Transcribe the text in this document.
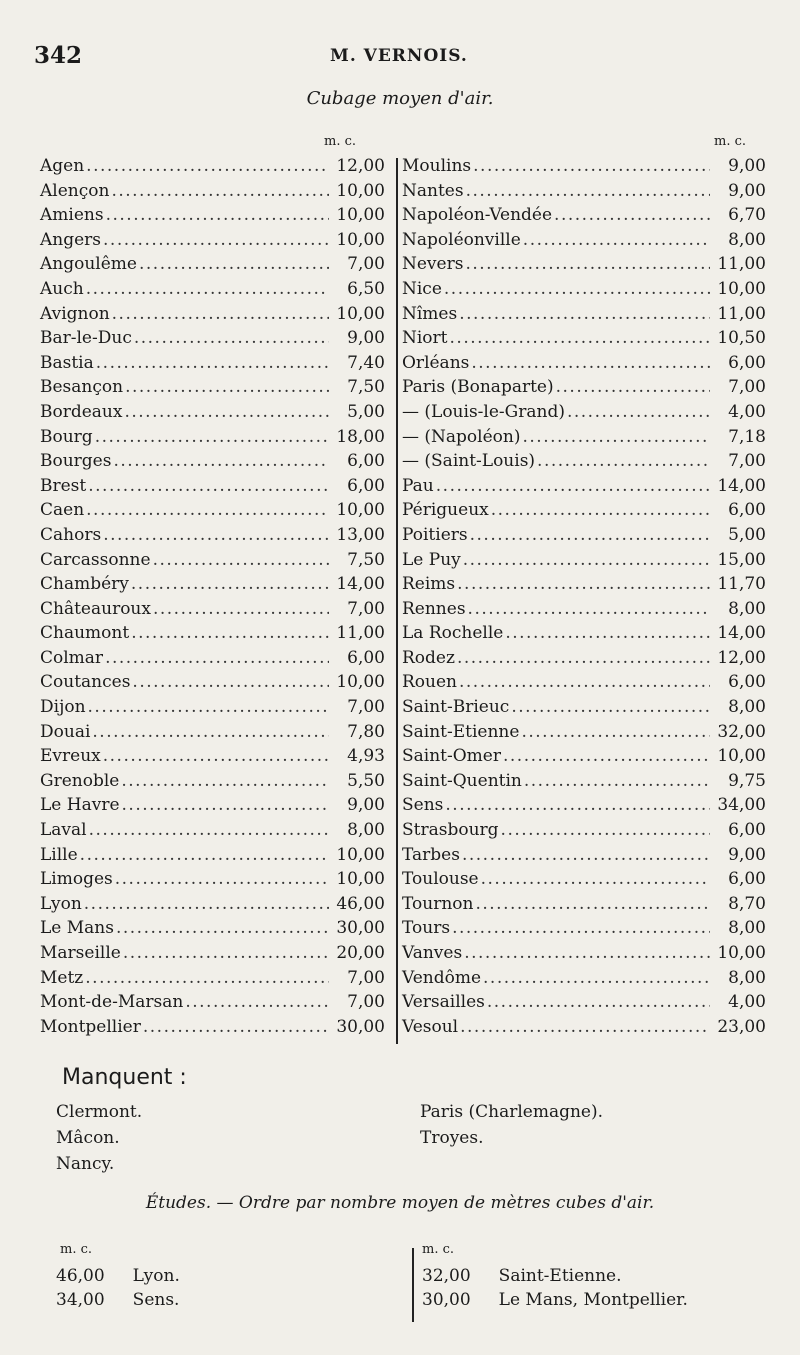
342	M. VERNOIS.
Cubage moyen d'air.
m. c.	m. c.
Agen .....	12,00
Alençon .....	10,00
Amiens .....	10,00
Angers .....	10,00
Angoulême .....	7,00
Auch .....	6,50
Avignon .....	10,00
Bar-le-Duc .....	9,00
Bastia .....	7,40
Besançon .....	7,50
Bordeaux .....	5,00
Bourg .....	18,00
Bourges .....	6,00
Brest .....	6,00
Caen .....	10,00
Cahors .....	13,00
Carcassonne .....	7,50
Chambéry .....	14,00
Châteauroux .....	7,00
Chaumont .....	11,00
Colmar .....	6,00
Coutances .....	10,00
Dijon .....	7,00
Douai .....	7,80
Evreux .....	4,93
Grenoble .....	5,50
Le Havre .....	9,00
Laval .....	8,00
Lille .....	10,00
Limoges .....	10,00
Lyon .....	46,00
Le Mans .....	30,00
Marseille .....	20,00
Metz .....	7,00
Mont-de-Marsan .....	7,00
Montpellier .....	30,00
Moulins .....	9,00
Nantes .....	9,00
Napoléon-Vendée .....	6,70
Napoléonville .....	8,00
Nevers .....	11,00
Nice .....	10,00
Nîmes .....	11,00
Niort .....	10,50
Orléans .....	6,00
Paris (Bonaparte) .....	7,00
— (Louis-le-Grand) .....	4,00
— (Napoléon) .....	7,18
— (Saint-Louis) .....	7,00
Pau .....	14,00
Périgueux .....	6,00
Poitiers .....	5,00
Le Puy .....	15,00
Reims .....	11,70
Rennes .....	8,00
La Rochelle .....	14,00
Rodez .....	12,00
Rouen .....	6,00
Saint-Brieuc .....	8,00
Saint-Etienne .....	32,00
Saint-Omer .....	10,00
Saint-Quentin .....	9,75
Sens .....	34,00
Strasbourg .....	6,00
Tarbes .....	9,00
Toulouse .....	6,00
Tournon .....	8,70
Tours .....	8,00
Vanves .....	10,00
Vendôme .....	8,00
Versailles .....	4,00
Vesoul .....	23,00
Manquent :
Clermont.
Mâcon.
Nancy.
Paris (Charlemagne).
Troyes.
Études. — Ordre par nombre moyen de mètres cubes d'air.
m. c.	m. c.
46,00 Lyon.
34,00 Sens.
32,00 Saint-Etienne.
30,00 Le Mans, Montpellier.
